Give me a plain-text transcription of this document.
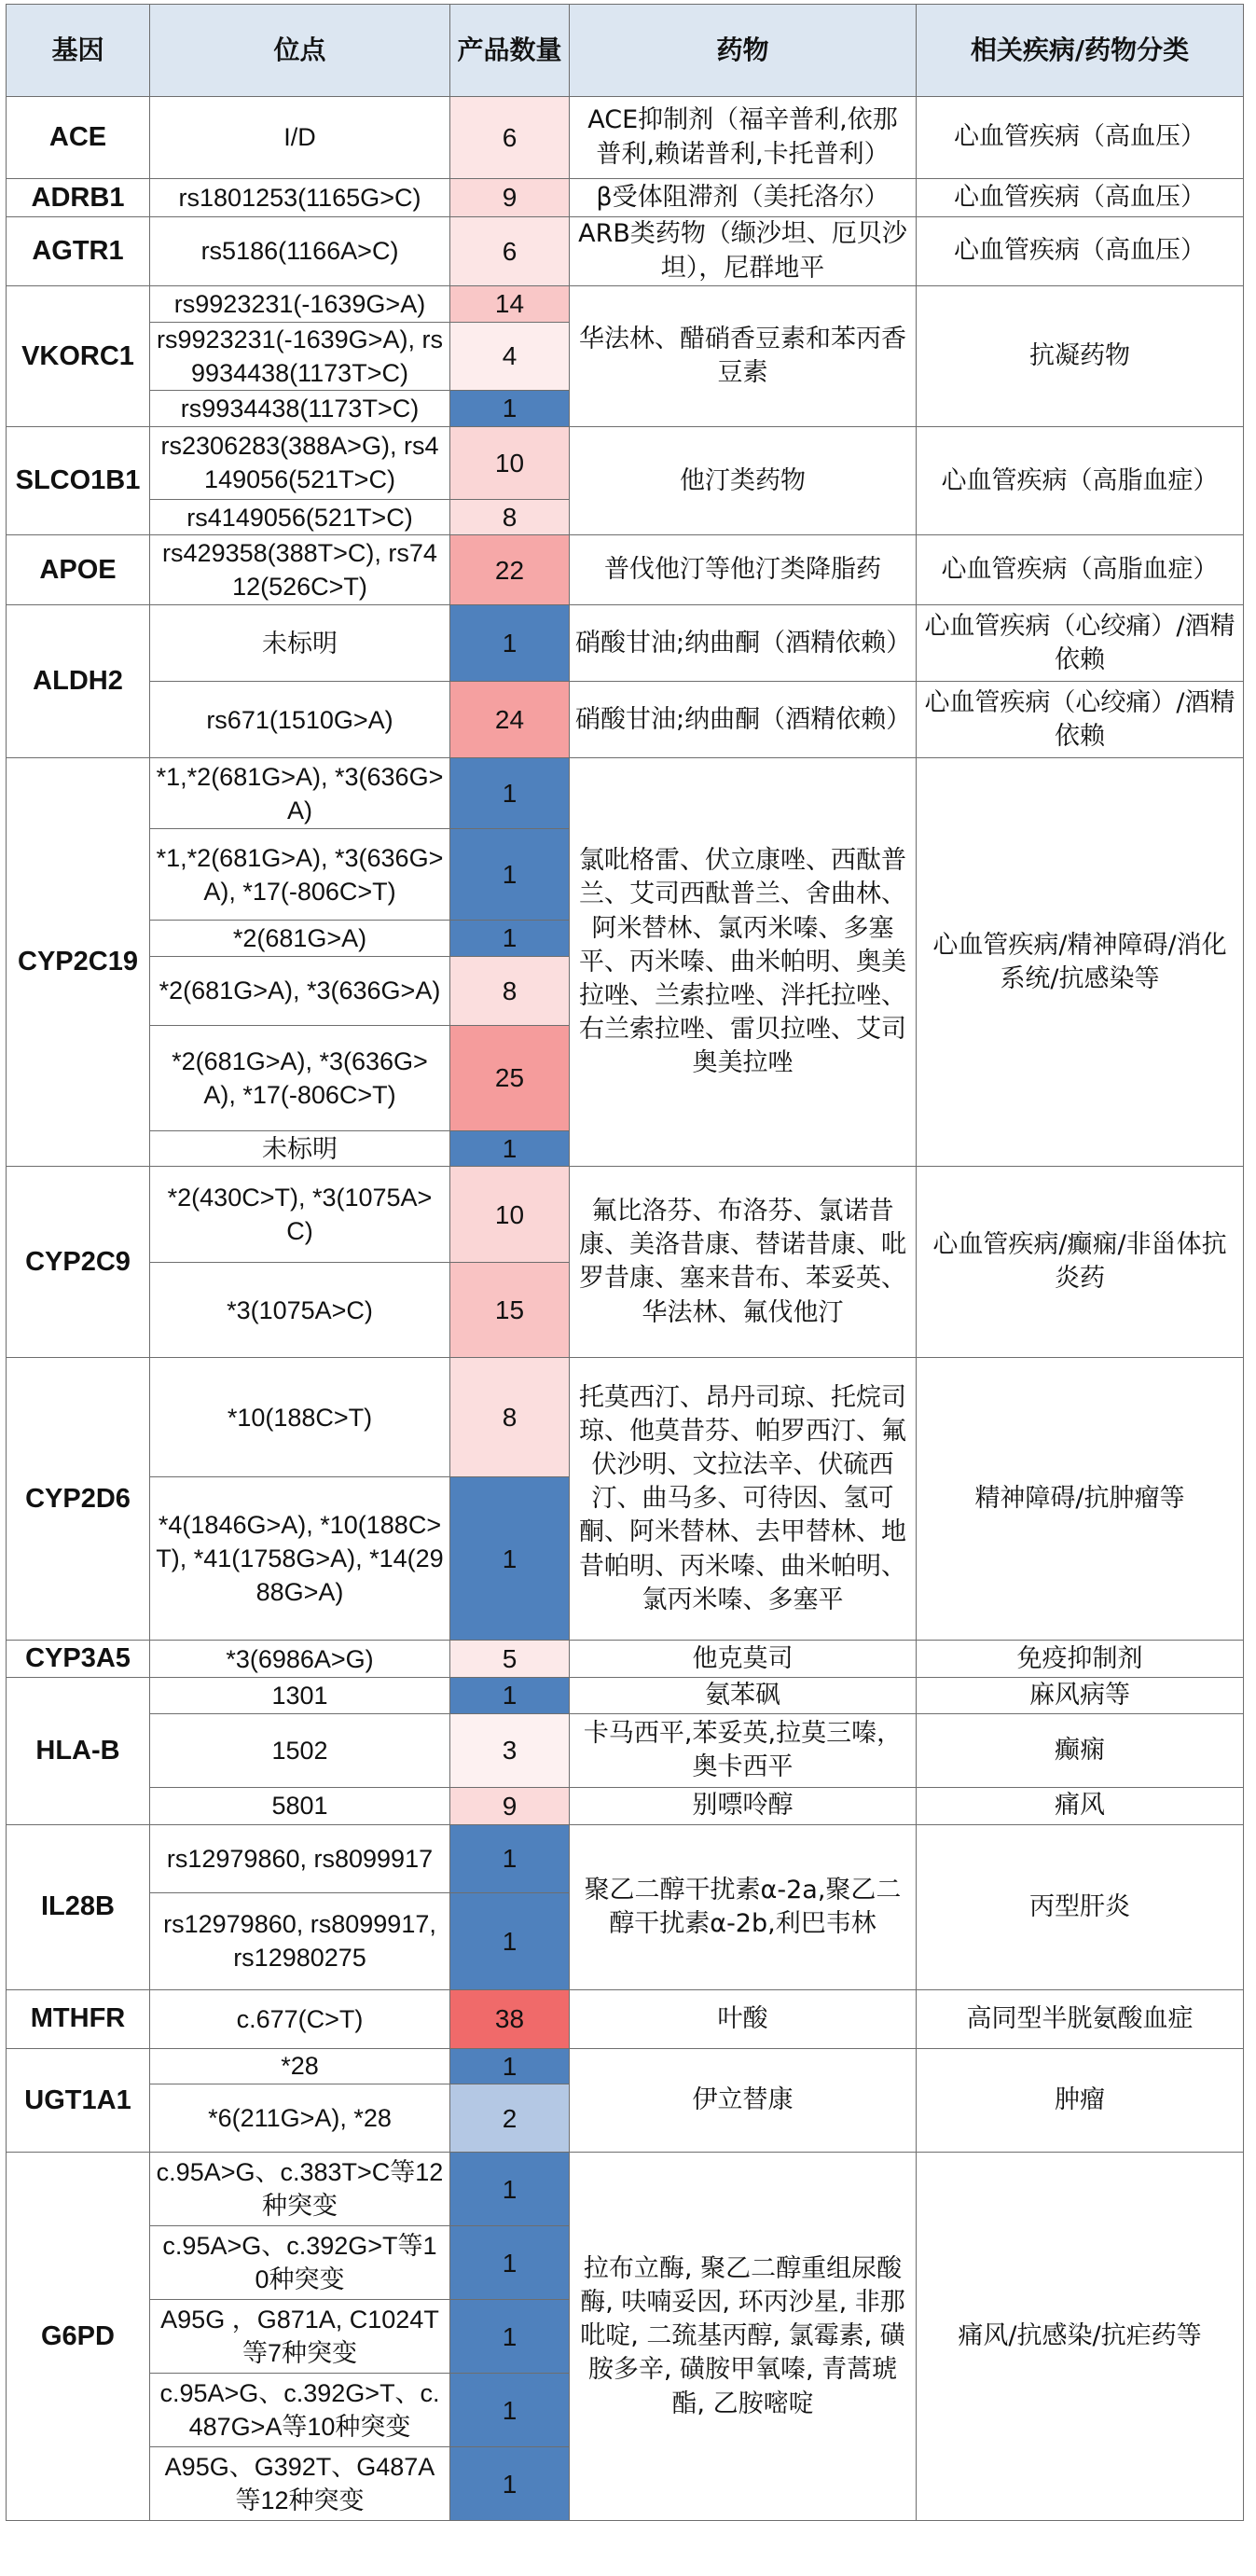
基因	位点	产品数量	药物	相关疾病/药物分类
ACE	I/D	6	ACE抑制剂（福辛普利,依那普利,赖诺普利,卡托普利）	心血管疾病（高血压）
ADRB1	rs1801253(1165G>C)	9	β受体阻滞剂（美托洛尔）	心血管疾病（高血压）
AGTR1	rs5186(1166A>C)	6	ARB类药物（缬沙坦、厄贝沙坦），尼群地平	心血管疾病（高血压）
VKORC1	rs9923231(-1639G>A)	14	华法林、醋硝香豆素和苯丙香豆素	抗凝药物
	rs9923231(-1639G>A), rs9934438(1173T>C)	4		
	rs9934438(1173T>C)	1		
SLCO1B1	rs2306283(388A>G), rs4149056(521T>C)	10	他汀类药物	心血管疾病（高脂血症）
	rs4149056(521T>C)	8		
APOE	rs429358(388T>C), rs7412(526C>T)	22	普伐他汀等他汀类降脂药	心血管疾病（高脂血症）
ALDH2	未标明	1	硝酸甘油;纳曲酮（酒精依赖）	心血管疾病（心绞痛）/酒精依赖
	rs671(1510G>A)	24	硝酸甘油;纳曲酮（酒精依赖）	心血管疾病（心绞痛）/酒精依赖
CYP2C19	*1,*2(681G>A), *3(636G>A)	1	氯吡格雷、伏立康唑、西酞普兰、艾司西酞普兰、舍曲林、阿米替林、氯丙米嗪、多塞平、丙米嗪、曲米帕明、奥美拉唑、兰索拉唑、泮托拉唑、右兰索拉唑、雷贝拉唑、艾司奥美拉唑	心血管疾病/精神障碍/消化系统/抗感染等
	*1,*2(681G>A), *3(636G>A), *17(-806C>T)	1		
	*2(681G>A)	1		
	*2(681G>A), *3(636G>A)	8		
	*2(681G>A), *3(636G>A), *17(-806C>T)	25		
	未标明	1		
CYP2C9	*2(430C>T), *3(1075A>C)	10	氟比洛芬、布洛芬、氯诺昔康、美洛昔康、替诺昔康、吡罗昔康、塞来昔布、苯妥英、华法林、氟伐他汀	心血管疾病/癫痫/非甾体抗炎药
	*3(1075A>C)	15		
CYP2D6	*10(188C>T)	8	托莫西汀、昂丹司琼、托烷司琼、他莫昔芬、帕罗西汀、氟伏沙明、文拉法辛、伏硫西汀、曲马多、可待因、氢可酮、阿米替林、去甲替林、地昔帕明、丙米嗪、曲米帕明、氯丙米嗪、多塞平	精神障碍/抗肿瘤等
	*4(1846G>A), *10(188C>T), *41(1758G>A), *14(2988G>A)	1		
CYP3A5	*3(6986A>G)	5	他克莫司	免疫抑制剂
HLA-B	1301	1	氨苯砜	麻风病等
	1502	3	卡马西平,苯妥英,拉莫三嗪，奥卡西平	癫痫
	5801	9	别嘌呤醇	痛风
IL28B	rs12979860, rs8099917	1	聚乙二醇干扰素α-2a,聚乙二醇干扰素α-2b,利巴韦林	丙型肝炎
	rs12979860, rs8099917, rs12980275	1		
MTHFR	c.677(C>T)	38	叶酸	高同型半胱氨酸血症
UGT1A1	*28	1	伊立替康	肿瘤
	*6(211G>A), *28	2		
G6PD	c.95A>G、c.383T>C等12种突变	1	拉布立酶, 聚乙二醇重组尿酸酶, 呋喃妥因, 环丙沙星, 非那吡啶, 二巯基丙醇, 氯霉素, 磺胺多辛, 磺胺甲氧嗪, 青蒿琥酯, 乙胺嘧啶	痛风/抗感染/抗疟药等
	c.95A>G、c.392G>T等10种突变	1		
	A95G ，G871A, C1024T等7种突变	1		
	c.95A>G、c.392G>T、c.487G>A等10种突变	1		
	A95G、G392T、G487A等12种突变	1		
